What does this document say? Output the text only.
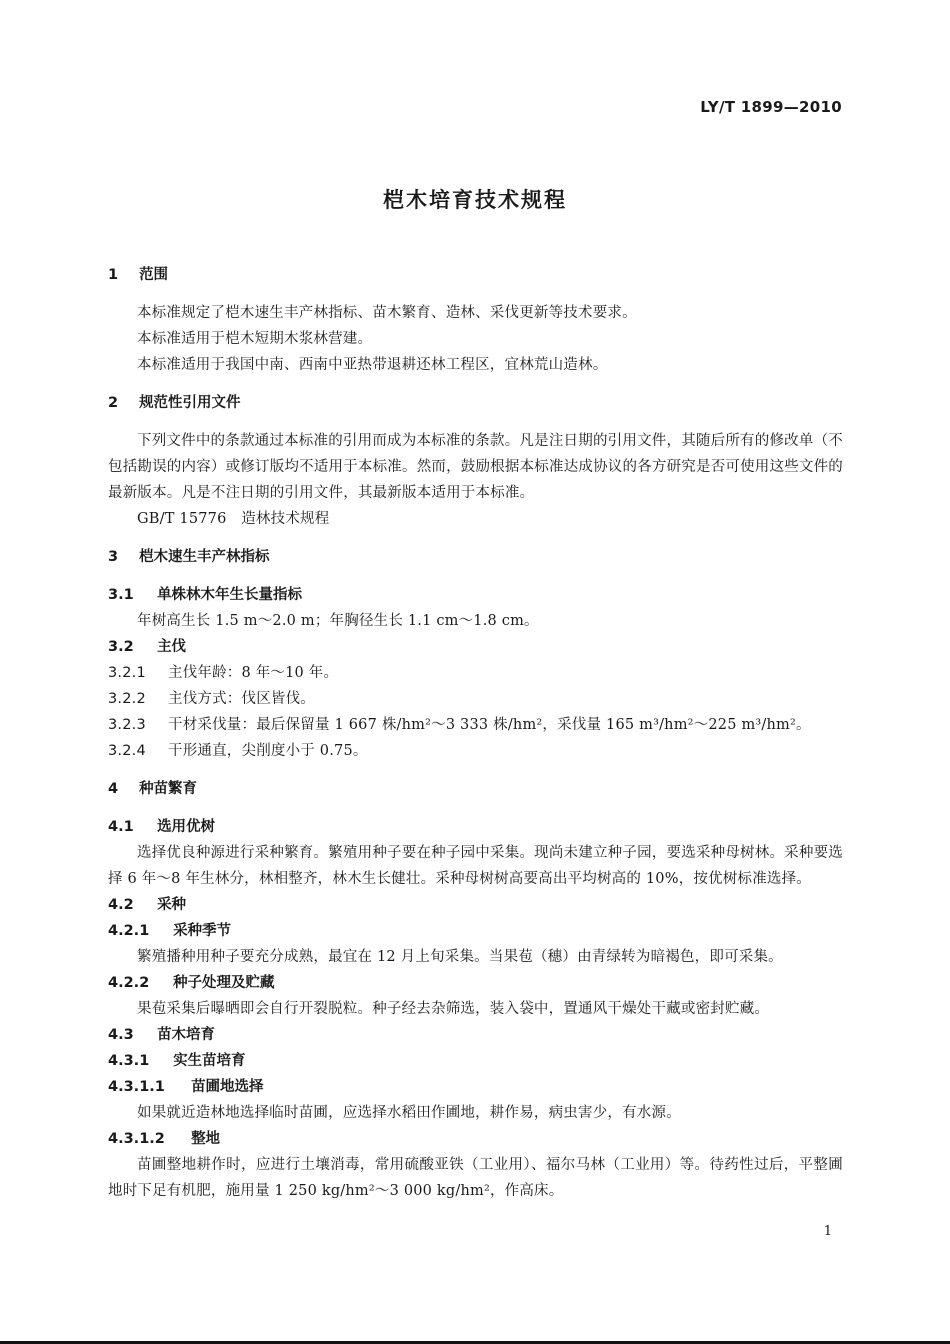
LY/T 1899—2010
桤木培育技术规程
1 范围
本标准规定了桤木速生丰产林指标、苗木繁育、造林、采伐更新等技术要求。
本标准适用于桤木短期木浆林营建。
本标准适用于我国中南、西南中亚热带退耕还林工程区，宜林荒山造林。
2 规范性引用文件
下列文件中的条款通过本标准的引用而成为本标准的条款。凡是注日期的引用文件，其随后所有的修改单（不包括勘误的内容）或修订版均不适用于本标准。然而，鼓励根据本标准达成协议的各方研究是否可使用这些文件的最新版本。凡是不注日期的引用文件，其最新版本适用于本标准。
GB/T 15776　造林技术规程
3 桤木速生丰产林指标
3.1 单株林木年生长量指标
年树高生长 1.5 m～2.0 m；年胸径生长 1.1 cm～1.8 cm。
3.2 主伐
3.2.1 主伐年龄：8 年～10 年。
3.2.2 主伐方式：伐区皆伐。
3.2.3 干材采伐量：最后保留量 1 667 株/hm²～3 333 株/hm²，采伐量 165 m³/hm²～225 m³/hm²。
3.2.4 干形通直，尖削度小于 0.75。
4 种苗繁育
4.1 选用优树
选择优良种源进行采种繁育。繁殖用种子要在种子园中采集。现尚未建立种子园，要选采种母树林。采种要选择 6 年～8 年生林分，林相整齐，林木生长健壮。采种母树树高要高出平均树高的 10%，按优树标准选择。
4.2 采种
4.2.1 采种季节
繁殖播种用种子要充分成熟，最宜在 12 月上旬采集。当果苞（穗）由青绿转为暗褐色，即可采集。
4.2.2 种子处理及贮藏
果苞采集后曝晒即会自行开裂脱粒。种子经去杂筛选，装入袋中，置通风干燥处干藏或密封贮藏。
4.3 苗木培育
4.3.1 实生苗培育
4.3.1.1 苗圃地选择
如果就近造林地选择临时苗圃，应选择水稻田作圃地，耕作易，病虫害少，有水源。
4.3.1.2 整地
苗圃整地耕作时，应进行土壤消毒，常用硫酸亚铁（工业用）、福尔马林（工业用）等。待药性过后，平整圃地时下足有机肥，施用量 1 250 kg/hm²～3 000 kg/hm²，作高床。
1
